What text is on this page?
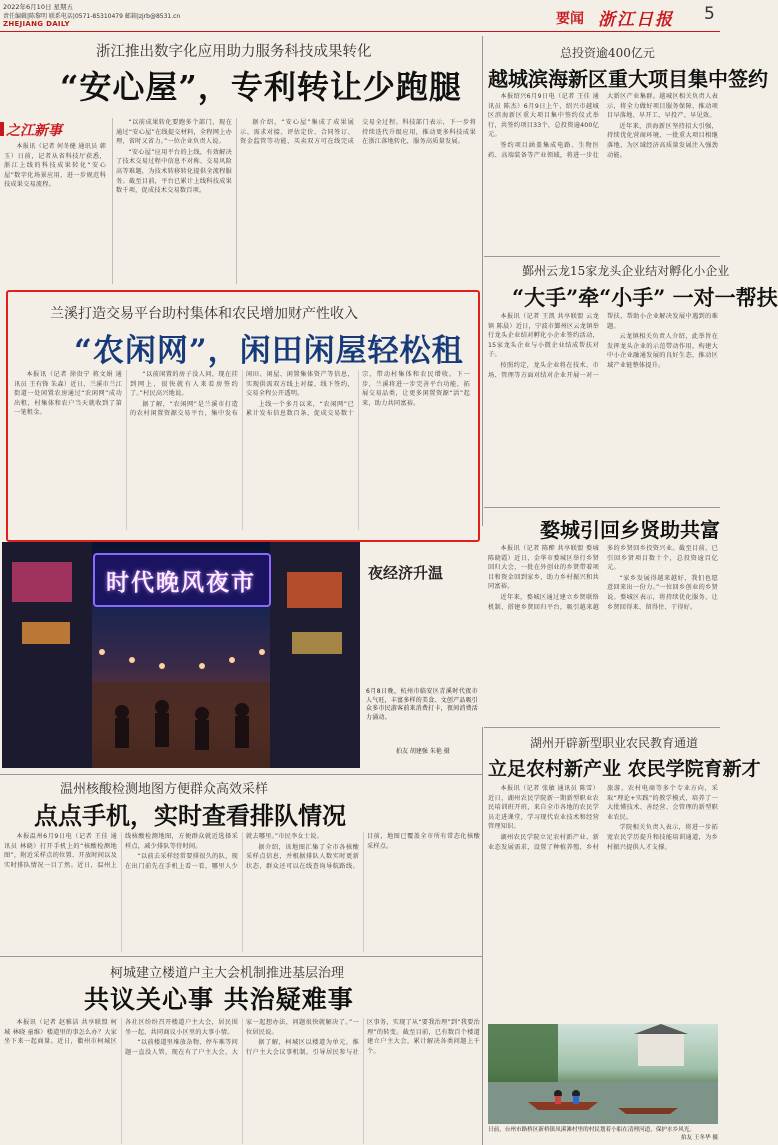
2022年6月10日 星期五
责任编辑|陈黎明 联系电话|0571-85310479 邮箱|zjrb@8531.cn
ZHEJIANG DAILY	要闻 浙江日报 5
浙江推出数字化应用助力服务科技成果转化
“安心屋”，专利转让少跑腿
之江新事

本报讯（记者 何冬健 通讯员 韩玉）日前，记者从省科技厅获悉，浙江上线的科技成果转化“安心屋”数字化场景应用，进一步规范科技成果交易流程。

“以前成果转化要跑多个部门，现在通过“安心屋”在线提交材料，全程网上办理，省时又省力。”一位企业负责人说。

“安心屋”应用平台的上线，有效解决了技术交易过程中信息不对称、交易风险高等难题，为技术转移转化提供全流程服务。截至目前，平台已累计上线科技成果数千项，促成技术交易数百项。

据介绍，“安心屋”集成了成果展示、需求对接、评估定价、合同签订、资金监管等功能，买卖双方可在线完成交易全过程。科技部门表示，下一步将持续迭代升级应用，推动更多科技成果在浙江落地转化，服务高质量发展。

总投资逾400亿元
越城滨海新区重大项目集中签约

本报绍兴6月9日电（记者 王佳 通讯员 陈杰）6月9日上午，绍兴市越城区滨海新区重大项目集中签约仪式举行，共签约项目33个，总投资逾400亿元。

签约项目涵盖集成电路、生物医药、高端装备等产业领域，将进一步壮大新区产业集群。越城区相关负责人表示，将全力做好项目服务保障，推动项目早落地、早开工、早投产、早见效。

近年来，滨海新区坚持招大引强，持续优化营商环境，一批重大项目相继落地，为区域经济高质量发展注入强劲动能。

兰溪打造交易平台助村集体和农民增加财产性收入
“农闲网”，闲田闲屋轻松租

本报讯（记者 徐贵宁 蒋文娟 通讯员 王有锋 朱森）近日，兰溪市兰江街道一处闲置农房通过“农闲网”成功出租，村集体和农户当天就收到了第一笔租金。

“以前闲置的房子没人问，现在挂到网上，很快就有人来看房签约了。”村民高兴地说。

据了解，“农闲网”是兰溪市打造的农村闲置资源交易平台，集中发布闲田、闲屋、闲置集体资产等信息，实现供需双方线上对接、线下签约，交易全程公开透明。

上线一个多月以来，“农闲网”已累计发布信息数百条，促成交易数十宗，带动村集体和农民增收。下一步，兰溪将进一步完善平台功能，拓展交易品类，让更多闲置资源“活”起来，助力共同富裕。

鄞州云龙15家龙头企业结对孵化小企业
“大手”牵“小手” 一对一帮扶

本报讯（记者 王凯 共享联盟 云龙镇 陈晨）近日，宁波市鄞州区云龙镇举行龙头企业结对孵化小企业签约活动，15家龙头企业与小微企业结成帮扶对子。

按照约定，龙头企业将在技术、市场、管理等方面对结对企业开展一对一帮扶，帮助小企业解决发展中遇到的难题。

云龙镇相关负责人介绍，此举旨在发挥龙头企业的示范带动作用，构建大中小企业融通发展的良好生态，推动区域产业链整体提升。

婺城引回乡贤助共富

本报讯（记者 陈醉 共享联盟 婺城 陈晓霞）近日，金华市婺城区举行乡贤回归大会，一批在外创业的乡贤带着项目和资金回到家乡，助力乡村振兴和共同富裕。

近年来，婺城区通过建立乡贤联络机制、搭建乡贤回归平台，吸引越来越多的乡贤回乡投资兴业。截至目前，已引回乡贤项目数十个，总投资逾百亿元。

“家乡发展得越来越好，我们也愿意回来出一份力。”一位回乡创业的乡贤说。婺城区表示，将持续优化服务，让乡贤回得来、留得住、干得好。

时代晚风夜市	夜经济升温
6月8日晚，杭州市临安区青溪时代夜市人气旺，丰富多样的美食、文创产品吸引众多市民游客前来消费打卡，夜间消费活力涌动。
拍友 胡建强 朱艳 摄
湖州开辟新型职业农民教育通道
立足农村新产业 农民学院育新才

本报讯（记者 张敏 通讯员 陈雪）近日，湖州农民学院新一期新型职业农民培训班开班，来自全市各地的农民学员走进课堂，学习现代农业技术和经营管理知识。

湖州农民学院立足农村新产业、新业态发展需求，设置了种植养殖、乡村旅游、农村电商等多个专业方向，采取“理论+实践”的教学模式，培养了一大批懂技术、善经营、会管理的新型职业农民。

学院相关负责人表示，将进一步拓宽农民学历提升和技能培训通道，为乡村振兴提供人才支撑。

日前，台州市路桥区新桥镇凤溪滩村里的村民划着小船在清理河道，保护水乡风光。
拍友 王冬华 摄
温州核酸检测地图方便群众高效采样
点点手机，实时查看排队情况

本报温州6月9日电（记者 王佳 通讯员 林晓）打开手机上的“核酸检测地图”，附近采样点的位置、开放时间以及实时排队情况一目了然。近日，温州上线核酸检测地图，方便群众就近选择采样点，减少排队等待时间。

“以前去采样经常要排很久的队，现在出门前先在手机上看一看，哪里人少就去哪里。”市民李女士说。

据介绍，该地图汇集了全市各核酸采样点信息，并根据排队人数实时更新状态，群众还可以在线查询导航路线。目前，地图已覆盖全市所有常态化核酸采样点。

柯城建立楼道户主大会机制推进基层治理
共议关心事 共治疑难事

本报讯（记者 赵雅洁 共享联盟 柯城 林晓 童维）楼道里的事怎么办？大家坐下来一起商量。近日，衢州市柯城区各社区纷纷召开楼道户主大会，居民围坐一起，共同商议小区里的大事小情。

“以前楼道里堆放杂物、停车难等问题一直没人管，现在有了户主大会，大家一起想办法，问题很快就解决了。”一位居民说。

据了解，柯城区以楼道为单元，推行户主大会议事机制，引导居民参与社区事务，实现了从“要我治理”到“我要治理”的转变。截至目前，已有数百个楼道建立户主大会，累计解决各类问题上千个。
